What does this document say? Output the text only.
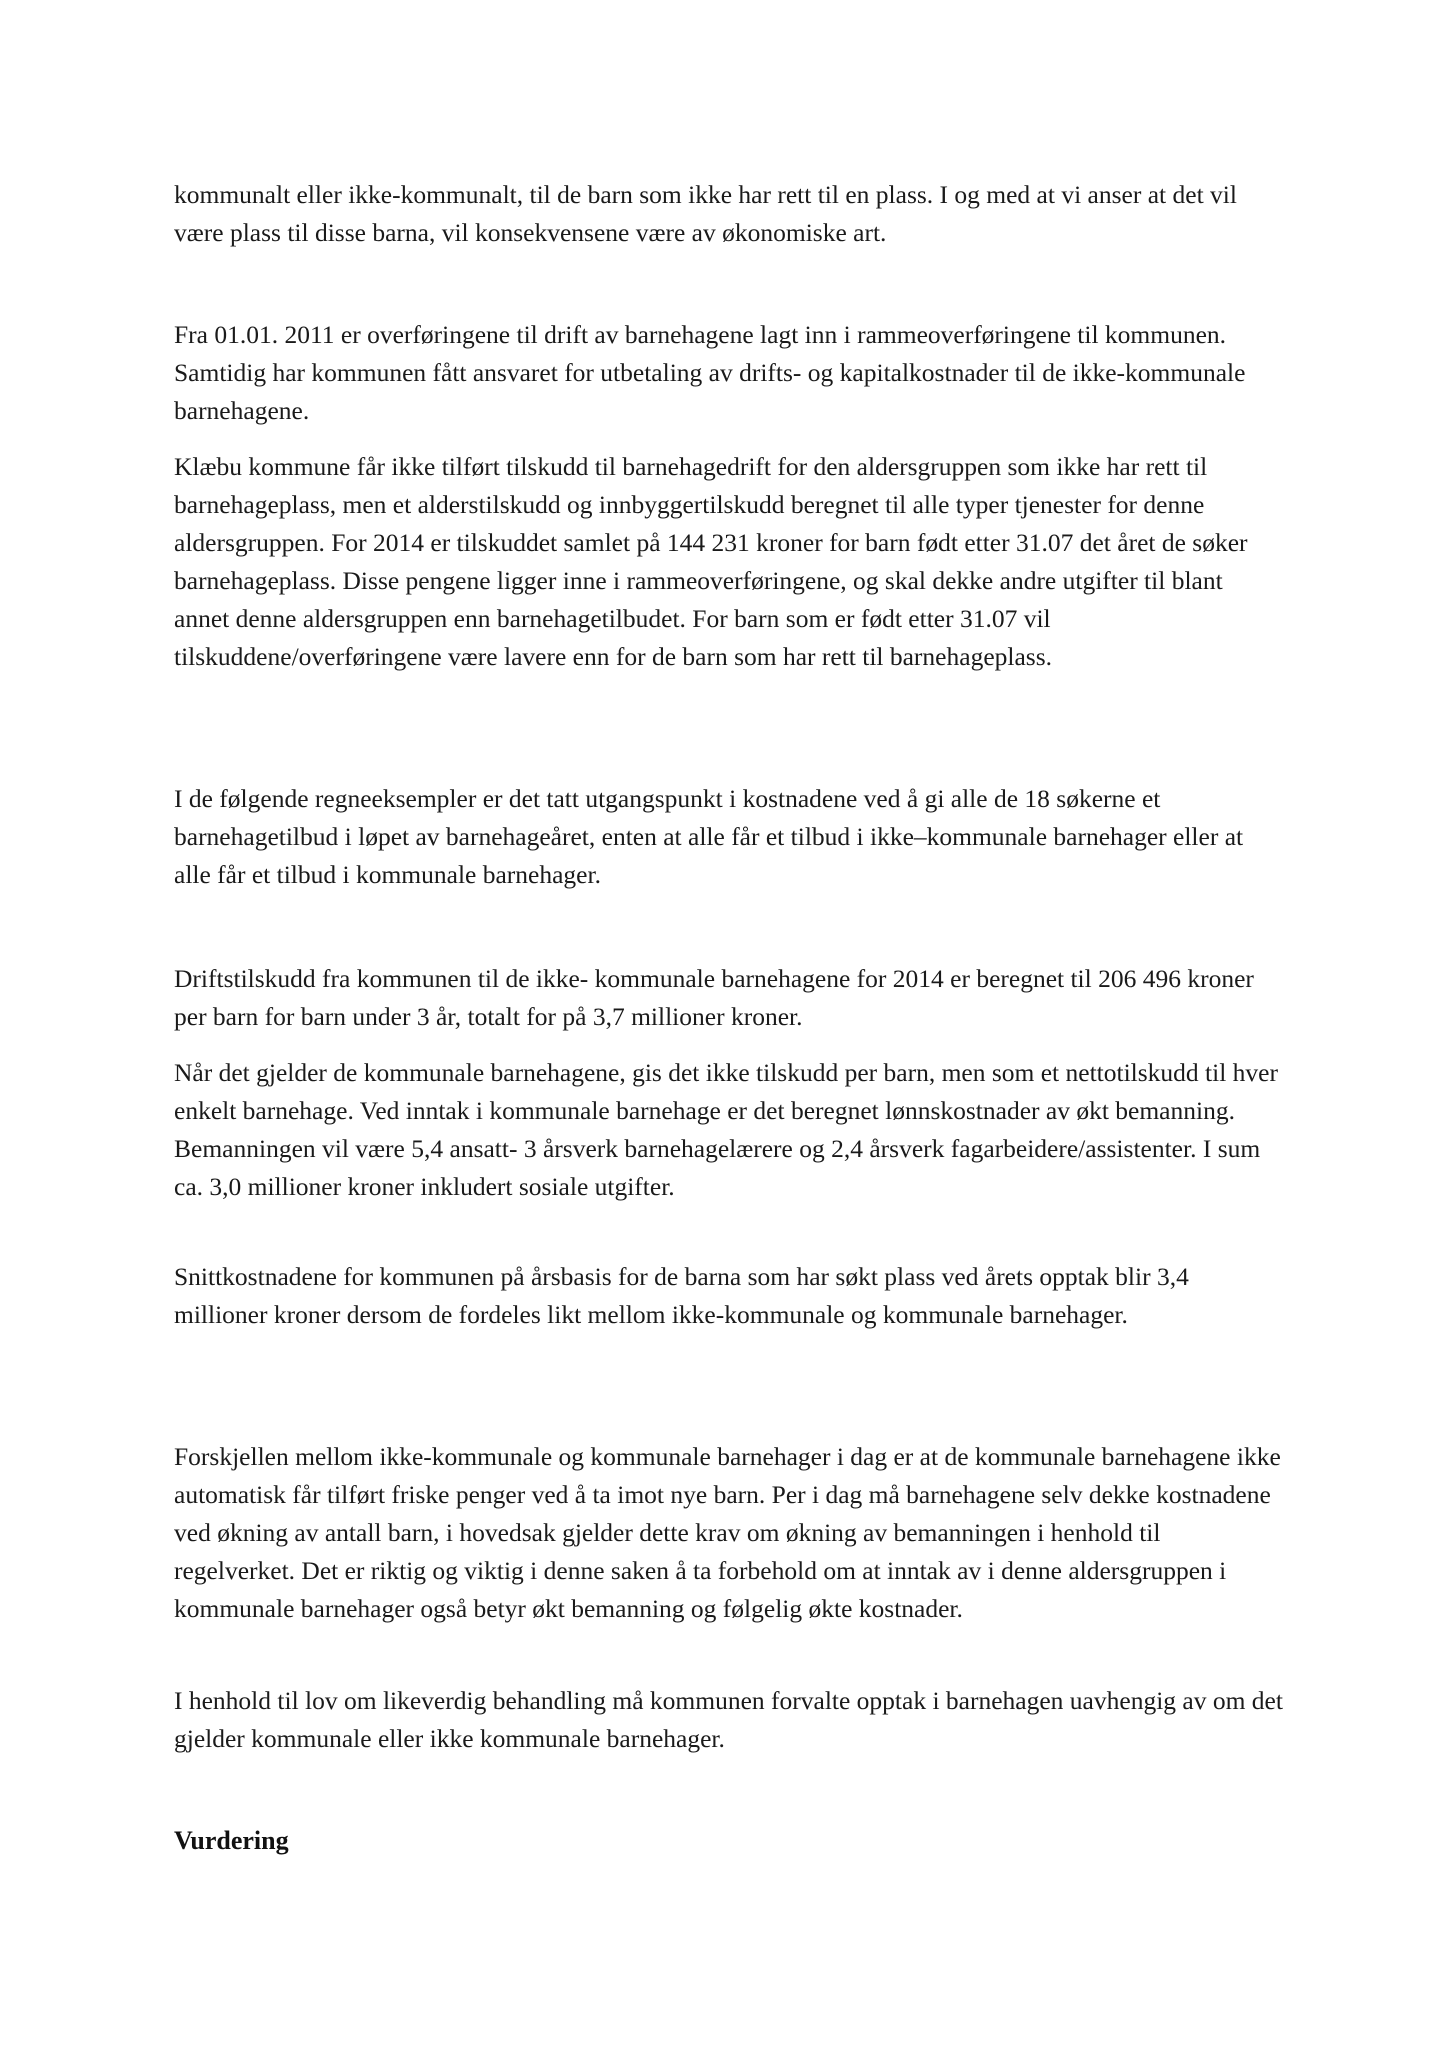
kommunalt eller ikke-kommunalt, til de barn som ikke har rett til en plass. I og med at vi anser at det vil være plass til disse barna, vil konsekvensene være av økonomiske art.

Fra 01.01. 2011 er overføringene til drift av barnehagene lagt inn i rammeoverføringene til kommunen. Samtidig har kommunen fått ansvaret for utbetaling av drifts- og kapitalkostnader til de ikke-kommunale barnehagene.

Klæbu kommune får ikke tilført tilskudd til barnehagedrift for den aldersgruppen som ikke har rett til barnehageplass, men et alderstilskudd og innbyggertilskudd beregnet til alle typer tjenester for denne aldersgruppen. For 2014 er tilskuddet samlet på 144 231 kroner for barn født etter 31.07 det året de søker barnehageplass. Disse pengene ligger inne i rammeoverføringene, og skal dekke andre utgifter til blant annet denne aldersgruppen enn barnehagetilbudet. For barn som er født etter 31.07 vil tilskuddene/overføringene være lavere enn for de barn som har rett til barnehageplass.

I de følgende regneeksempler er det tatt utgangspunkt i kostnadene ved å gi alle de 18 søkerne et barnehagetilbud i løpet av barnehageåret, enten at alle får et tilbud i ikke–kommunale barnehager eller at alle får et tilbud i kommunale barnehager.

Driftstilskudd fra kommunen til de ikke- kommunale barnehagene for 2014 er beregnet til 206 496 kroner per barn for barn under 3 år, totalt for på 3,7 millioner kroner.

Når det gjelder de kommunale barnehagene, gis det ikke tilskudd per barn, men som et nettotilskudd til hver enkelt barnehage. Ved inntak i kommunale barnehage er det beregnet lønnskostnader av økt bemanning. Bemanningen vil være 5,4 ansatt- 3 årsverk barnehagelærere og 2,4 årsverk fagarbeidere/assistenter. I sum ca. 3,0 millioner kroner inkludert sosiale utgifter.

Snittkostnadene for kommunen på årsbasis for de barna som har søkt plass ved årets opptak blir 3,4 millioner kroner dersom de fordeles likt mellom ikke-kommunale og kommunale barnehager.

Forskjellen mellom ikke-kommunale og kommunale barnehager i dag er at de kommunale barnehagene ikke automatisk får tilført friske penger ved å ta imot nye barn. Per i dag må barnehagene selv dekke kostnadene ved økning av antall barn, i hovedsak gjelder dette krav om økning av bemanningen i henhold til regelverket. Det er riktig og viktig i denne saken å ta forbehold om at inntak av i denne aldersgruppen i kommunale barnehager også betyr økt bemanning og følgelig økte kostnader.

I henhold til lov om likeverdig behandling må kommunen forvalte opptak i barnehagen uavhengig av om det gjelder kommunale eller ikke kommunale barnehager.

Vurdering
